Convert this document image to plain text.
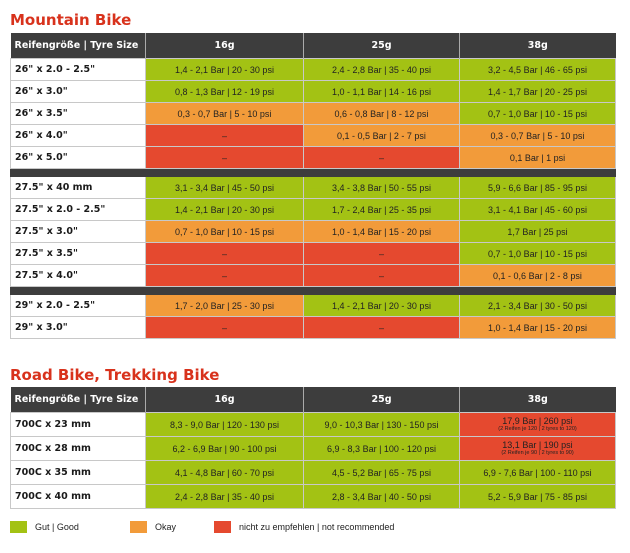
Mountain Bike
Reifengröße | Tyre Size	16g	25g	38g
26" x 2.0 - 2.5"	1,4 - 2,1 Bar | 20 - 30 psi	2,4 - 2,8 Bar | 35 - 40 psi	3,2 - 4,5 Bar | 46 - 65 psi
26" x 3.0"	0,8 - 1,3 Bar | 12 - 19 psi	1,0 - 1,1 Bar | 14 - 16 psi	1,4 - 1,7 Bar | 20 - 25 psi
26" x 3.5"	0,3 - 0,7 Bar | 5 - 10 psi	0,6 - 0,8 Bar | 8 - 12 psi	0,7 - 1,0 Bar | 10 - 15 psi
26" x 4.0"	–	0,1 - 0,5 Bar | 2 - 7 psi	0,3 - 0,7 Bar | 5 - 10 psi
26" x 5.0"	–	–	0,1 Bar | 1 psi

27.5" x 40 mm	3,1 - 3,4 Bar | 45 - 50 psi	3,4 - 3,8 Bar | 50 - 55 psi	5,9 - 6,6 Bar | 85 - 95 psi
27.5" x 2.0 - 2.5"	1,4 - 2,1 Bar | 20 - 30 psi	1,7 - 2,4 Bar | 25 - 35 psi	3,1 - 4,1 Bar | 45 - 60 psi
27.5" x 3.0"	0,7 - 1,0 Bar | 10 - 15 psi	1,0 - 1,4 Bar | 15 - 20 psi	1,7 Bar | 25 psi
27.5" x 3.5"	–	–	0,7 - 1,0 Bar | 10 - 15 psi
27.5" x 4.0"	–	–	0,1 - 0,6 Bar | 2 - 8 psi

29" x 2.0 - 2.5"	1,7 - 2,0 Bar | 25 - 30 psi	1,4 - 2,1 Bar | 20 - 30 psi	2,1 - 3,4 Bar | 30 - 50 psi
29" x 3.0"	–	–	1,0 - 1,4 Bar | 15 - 20 psi
Road Bike, Trekking Bike
Reifengröße | Tyre Size	16g	25g	38g
700C x 23 mm	8,3 - 9,0 Bar | 120 - 130 psi	9,0 - 10,3 Bar | 130 - 150 psi	17,9 Bar | 260 psi
(2 Reifen je 120 | 2 tyres to 120)

700C x 28 mm	6,2 - 6,9 Bar | 90 - 100 psi	6,9 - 8,3 Bar | 100 - 120 psi	13,1 Bar | 190 psi
(2 Reifen je 90 | 2 tyres to 90)

700C x 35 mm	4,1 - 4,8 Bar | 60 - 70 psi	4,5 - 5,2 Bar | 65 - 75 psi	6,9 - 7,6 Bar | 100 - 110 psi
700C x 40 mm	2,4 - 2,8 Bar | 35 - 40 psi	2,8 - 3,4 Bar | 40 - 50 psi	5,2 - 5,9 Bar | 75 - 85 psi
Gut | Good	Okay	nicht zu empfehlen | not recommended
